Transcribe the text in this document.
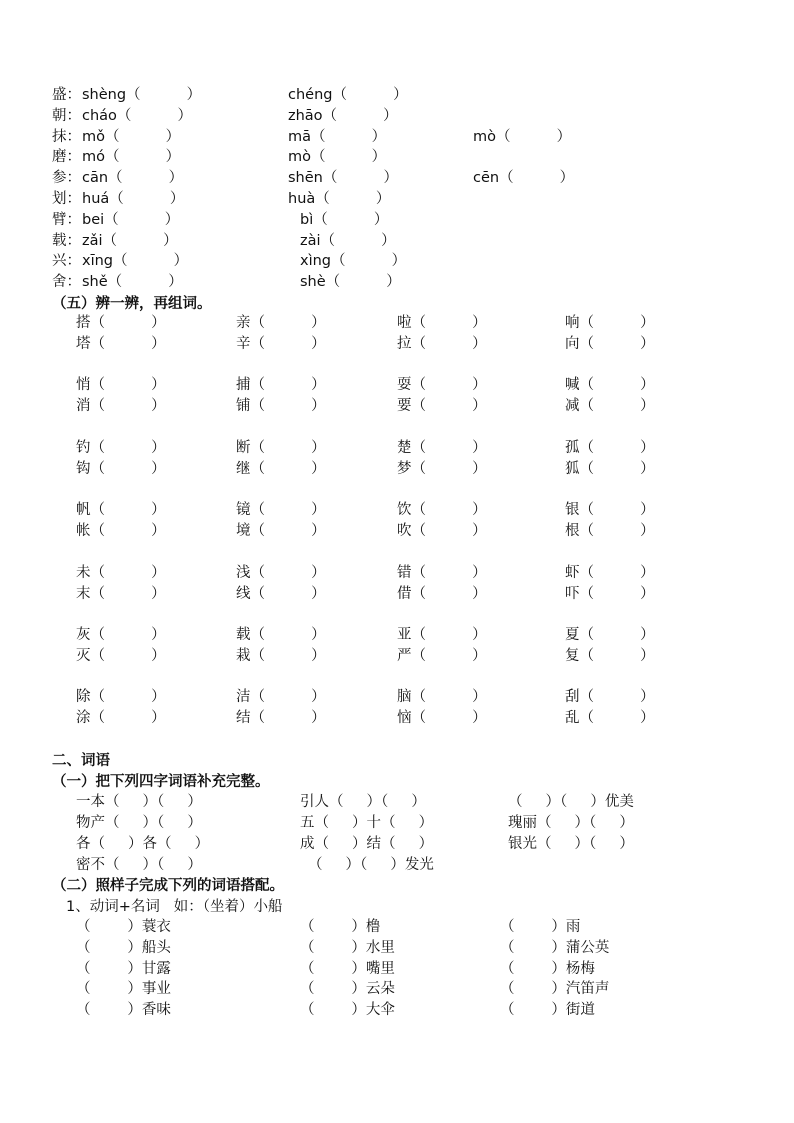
盛： shèng（          ）	chéng（          ）
朝： cháo（          ）	zhāo（          ）
抹： mǒ（          ）	mā（          ）	mò（          ）
磨： mó（          ）	mò（          ）
参： cān（          ）	shēn（          ）	cēn（          ）
划： huá（          ）	huà（          ）
臂： bei（          ）	bì（          ）
载： zǎi（          ）	zài（          ）
兴： xīng（          ）	xìng（          ）
舍： shě（          ）	shè（          ）
（五）辨一辨，再组词。
搭（          ）	亲（          ）	啦（          ）	响（          ）
塔（          ）	辛（          ）	拉（          ）	向（          ）
悄（          ）	捕（          ）	耍（          ）	喊（          ）
消（          ）	铺（          ）	要（          ）	减（          ）
钓（          ）	断（          ）	楚（          ）	孤（          ）
钩（          ）	继（          ）	梦（          ）	狐（          ）
帆（          ）	镜（          ）	饮（          ）	银（          ）
帐（          ）	境（          ）	吹（          ）	根（          ）
未（          ）	浅（          ）	错（          ）	虾（          ）
末（          ）	线（          ）	借（          ）	吓（          ）
灰（          ）	载（          ）	亚（          ）	夏（          ）
灭（          ）	栽（          ）	严（          ）	复（          ）
除（          ）	洁（          ）	脑（          ）	刮（          ）
涂（          ）	结（          ）	恼（          ）	乱（          ）
二、词语
（一）把下列四字词语补充完整。
一本（     ）（     ）	引人（     ）（     ）	（     ）（     ）优美
物产（     ）（     ）	五（     ）十（     ）	瑰丽（     ）（     ）
各（     ）各（     ）	成（     ）结（     ）	银光（     ）（     ）
密不（     ）（     ）	（     ）（     ）发光
（二）照样子完成下列的词语搭配。
1、动词+名词   如：（坐着）小船
（        ）蓑衣	（        ）橹	（        ）雨
（        ）船头	（        ）水里	（        ）蒲公英
（        ）甘露	（        ）嘴里	（        ）杨梅
（        ）事业	（        ）云朵	（        ）汽笛声
（        ）香味	（        ）大伞	（        ）街道
